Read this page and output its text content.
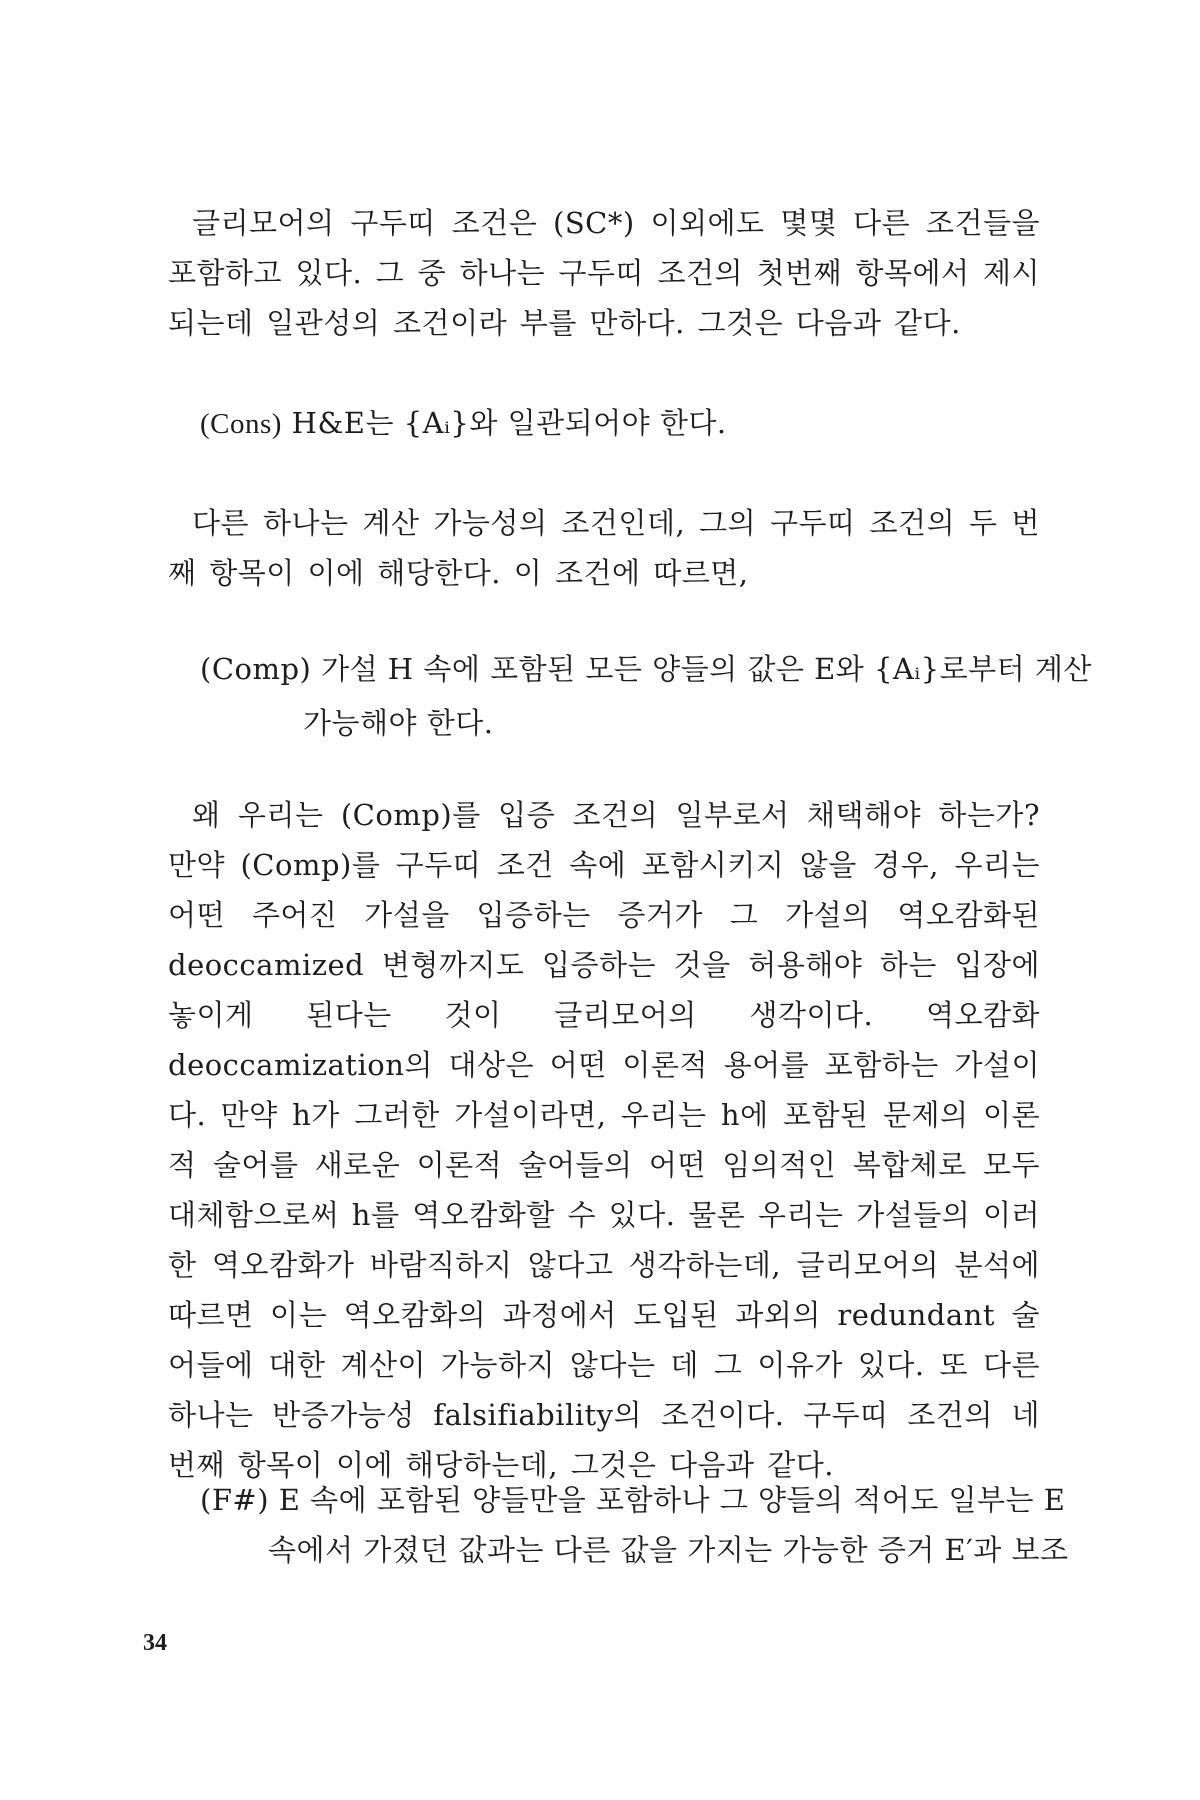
글리모어의 구두띠 조건은 (SC*) 이외에도 몇몇 다른 조건들을 포함하고 있다. 그 중 하나는 구두띠 조건의 첫번째 항목에서 제시되는데 일관성의 조건이라 부를 만하다. 그것은 다음과 같다.

(Cons) H&E는 {Aᵢ}와 일관되어야 한다.

다른 하나는 계산 가능성의 조건인데, 그의 구두띠 조건의 두 번째 항목이 이에 해당한다. 이 조건에 따르면,

(Comp) 가설 H 속에 포함된 모든 양들의 값은 E와 {Aᵢ}로부터 계산

가능해야 한다.

왜 우리는 (Comp)를 입증 조건의 일부로서 채택해야 하는가? 만약 (Comp)를 구두띠 조건 속에 포함시키지 않을 경우, 우리는 어떤 주어진 가설을 입증하는 증거가 그 가설의 역오캄화된 deoccamized 변형까지도 입증하는 것을 허용해야 하는 입장에 놓이게 된다는 것이 글리모어의 생각이다. 역오캄화 deoccamization의 대상은 어떤 이론적 용어를 포함하는 가설이다. 만약 h가 그러한 가설이라면, 우리는 h에 포함된 문제의 이론적 술어를 새로운 이론적 술어들의 어떤 임의적인 복합체로 모두 대체함으로써 h를 역오캄화할 수 있다. 물론 우리는 가설들의 이러한 역오캄화가 바람직하지 않다고 생각하는데, 글리모어의 분석에 따르면 이는 역오캄화의 과정에서 도입된 과외의 redundant 술어들에 대한 계산이 가능하지 않다는 데 그 이유가 있다. 또 다른 하나는 반증가능성 falsifiability의 조건이다. 구두띠 조건의 네 번째 항목이 이에 해당하는데, 그것은 다음과 같다.

(F#) E 속에 포함된 양들만을 포함하나 그 양들의 적어도 일부는 E

속에서 가졌던 값과는 다른 값을 가지는 가능한 증거 E′과 보조

34
